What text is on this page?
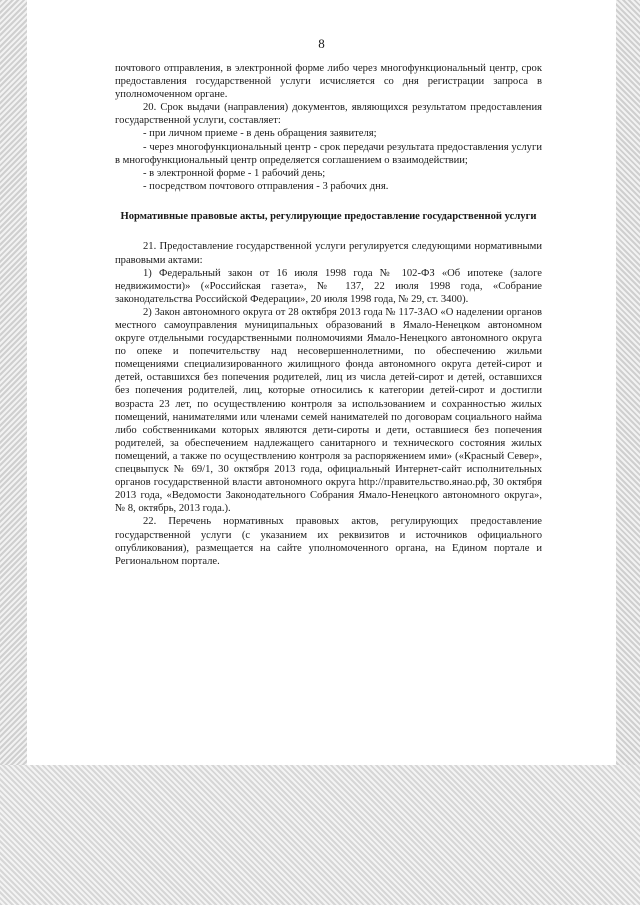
8

почтового отправления, в электронной форме либо через многофункциональный центр, срок предоставления государственной услуги исчисляется со дня регистрации запроса в уполномоченном органе.

20. Срок выдачи (направления) документов, являющихся результатом предоставления государственной услуги, составляет:

- при личном приеме - в день обращения заявителя;

- через многофункциональный центр - срок передачи результата предоставления услуги в многофункциональный центр определяется соглашением о взаимодействии;

- в электронной форме - 1 рабочий день;

- посредством почтового отправления - 3 рабочих дня.

Нормативные правовые акты, регулирующие предоставление государственной услуги

21. Предоставление государственной услуги регулируется следующими нормативными правовыми актами:

1) Федеральный закон от 16 июля 1998 года № 102-ФЗ «Об ипотеке (залоге недвижимости)» («Российская газета», № 137, 22 июля 1998 года, «Собрание законодательства Российской Федерации», 20 июля 1998 года, № 29, ст. 3400).

2) Закон автономного округа от 28 октября 2013 года № 117-ЗАО «О наделении органов местного самоуправления муниципальных образований в Ямало-Ненецком автономном округе отдельными государственными полномочиями Ямало-Ненецкого автономного округа по опеке и попечительству над несовершеннолетними, по обеспечению жильми помещениями специализированного жилищного фонда автономного округа детей-сирот и детей, оставшихся без попечения родителей, лиц из числа детей-сирот и детей, оставшихся без попечения родителей, лиц, которые относились к категории детей-сирот и достигли возраста 23 лет, по осуществлению контроля за использованием и сохранностью жилых помещений, нанимателями или членами семей нанимателей по договорам социального найма либо собственниками которых являются дети-сироты и дети, оставшиеся без попечения родителей, за обеспечением надлежащего санитарного и технического состояния жилых помещений, а также по осуществлению контроля за распоряжением ими» («Красный Север», спецвыпуск № 69/1, 30 октября 2013 года, официальный Интернет-сайт исполнительных органов государственной власти автономного округа http://правительство.янао.рф, 30 октября 2013 года, «Ведомости Законодательного Собрания Ямало-Ненецкого автономного округа», № 8, октябрь, 2013 года.).

22. Перечень нормативных правовых актов, регулирующих предоставление государственной услуги (с указанием их реквизитов и источников официального опубликования), размещается на сайте уполномоченного органа, на Едином портале и Региональном портале.
